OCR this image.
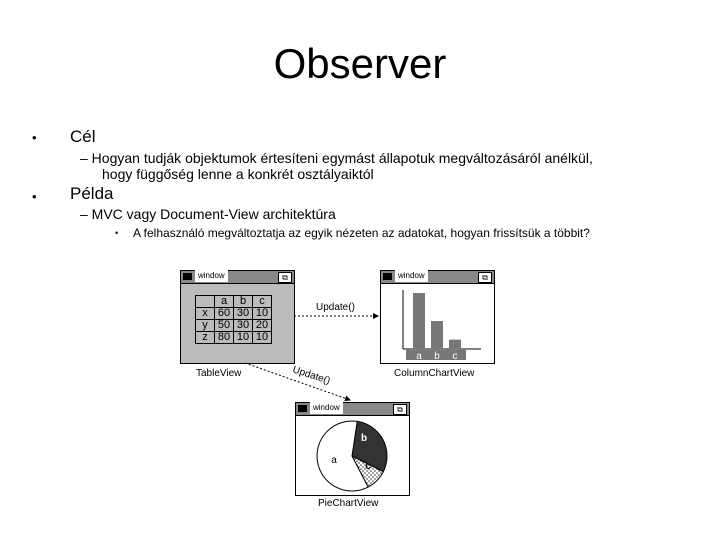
Observer
• Cél
– Hogyan tudják objektumok értesíteni egymást állapotuk megváltozásáról anélkül,
hogy függőség lenne a konkrét osztályaiktól
• Példa
– MVC vagy Document-View architektúra
• A felhasználó megváltoztatja az egyik nézeten az adatokat, hogyan frissítsük a többit?
window	⧉
	a	b	c
x	60	30	10
y	50	30	20
z	80	10	10
TableView
window	⧉
a b c
ColumnChartView
window	⧉
a
b
c
PieChartView
Update()
Update()
